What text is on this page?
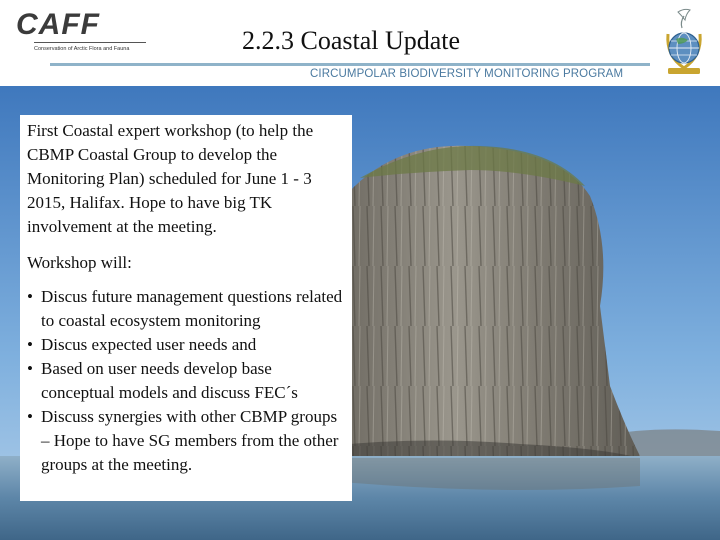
CAFF
Conservation of Arctic Flora and Fauna	2.2.3 Coastal Update
CIRCUMPOLAR BIODIVERSITY MONITORING PROGRAM

First Coastal expert workshop (to help the CBMP Coastal Group to develop the Monitoring Plan) scheduled for June 1 - 3 2015, Halifax. Hope to have big TK involvement at the meeting.

Workshop will:

• Discus future management questions related to coastal ecosystem monitoring
• Discus expected user needs and
• Based on user needs develop base conceptual models and discuss FEC´s
• Discuss synergies with other CBMP groups – Hope to have SG members from the other groups at the meeting.
